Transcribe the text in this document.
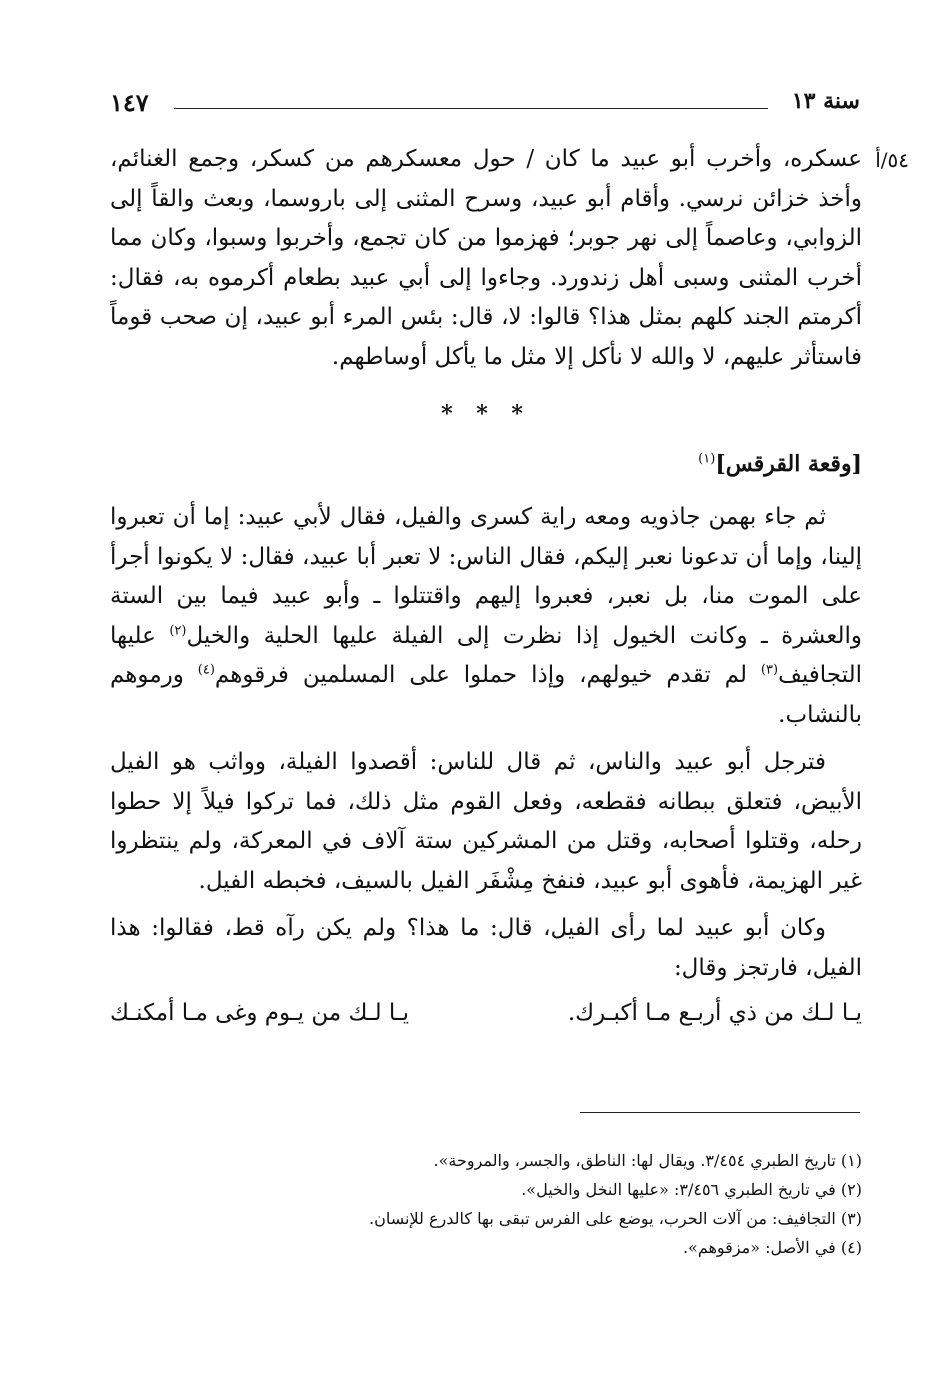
سنة ١٣
١٤٧
٥٤/أ

عسكره، وأخرب أبو عبيد ما كان / حول معسكرهم من كسكر، وجمع الغنائم، وأخذ خزائن نرسي. وأقام أبو عبيد، وسرح المثنى إلى باروسما، وبعث والقاً إلى الزوابي، وعاصماً إلى نهر جوبر؛ فهزموا من كان تجمع، وأخربوا وسبوا، وكان مما أخرب المثنى وسبى أهل زندورد. وجاءوا إلى أبي عبيد بطعام أكرموه به، فقال: أكرمتم الجند كلهم بمثل هذا؟ قالوا: لا، قال: بئس المرء أبو عبيد، إن صحب قوماً فاستأثر عليهم، لا والله لا نأكل إلا مثل ما يأكل أوساطهم.

* * *
[وقعة القرقس]$^{(١)}$

ثم جاء بهمن جاذويه ومعه راية كسرى والفيل، فقال لأبي عبيد: إما أن تعبروا إلينا، وإما أن تدعونا نعبر إليكم، فقال الناس: لا تعبر أبا عبيد، فقال: لا يكونوا أجرأ على الموت منا، بل نعبر، فعبروا إليهم واقتتلوا ـ وأبو عبيد فيما بين الستة والعشرة ـ وكانت الخيول إذا نظرت إلى الفيلة عليها الحلية والخيل$^{(٢)}$ عليها التجافيف$^{(٣)}$ لم تقدم خيولهم، وإذا حملوا على المسلمين فرقوهم$^{(٤)}$ ورموهم بالنشاب.

فترجل أبو عبيد والناس، ثم قال للناس: أقصدوا الفيلة، وواثب هو الفيل الأبيض، فتعلق ببطانه فقطعه، وفعل القوم مثل ذلك، فما تركوا فيلاً إلا حطوا رحله، وقتلوا أصحابه، وقتل من المشركين ستة آلاف في المعركة، ولم ينتظروا غير الهزيمة، فأهوى أبو عبيد، فنفخ مِشْفَر الفيل بالسيف، فخبطه الفيل.

وكان أبو عبيد لما رأى الفيل، قال: ما هذا؟ ولم يكن رآه قط، فقالوا: هذا الفيل، فارتجز وقال:

يـا لـك من ذي أربـع مـا أكبـرك.
يـا لـك من يـوم وغى مـا أمكنـك
(١) تاريخ الطبري ٣/٤٥٤. ويقال لها: الناطق، والجسر، والمروحة».
(٢) في تاريخ الطبري ٣/٤٥٦: «عليها النخل والخيل».
(٣) التجافيف: من آلات الحرب، يوضع على الفرس تبقى بها كالدرع للإنسان.
(٤) في الأصل: «مزقوهم».
